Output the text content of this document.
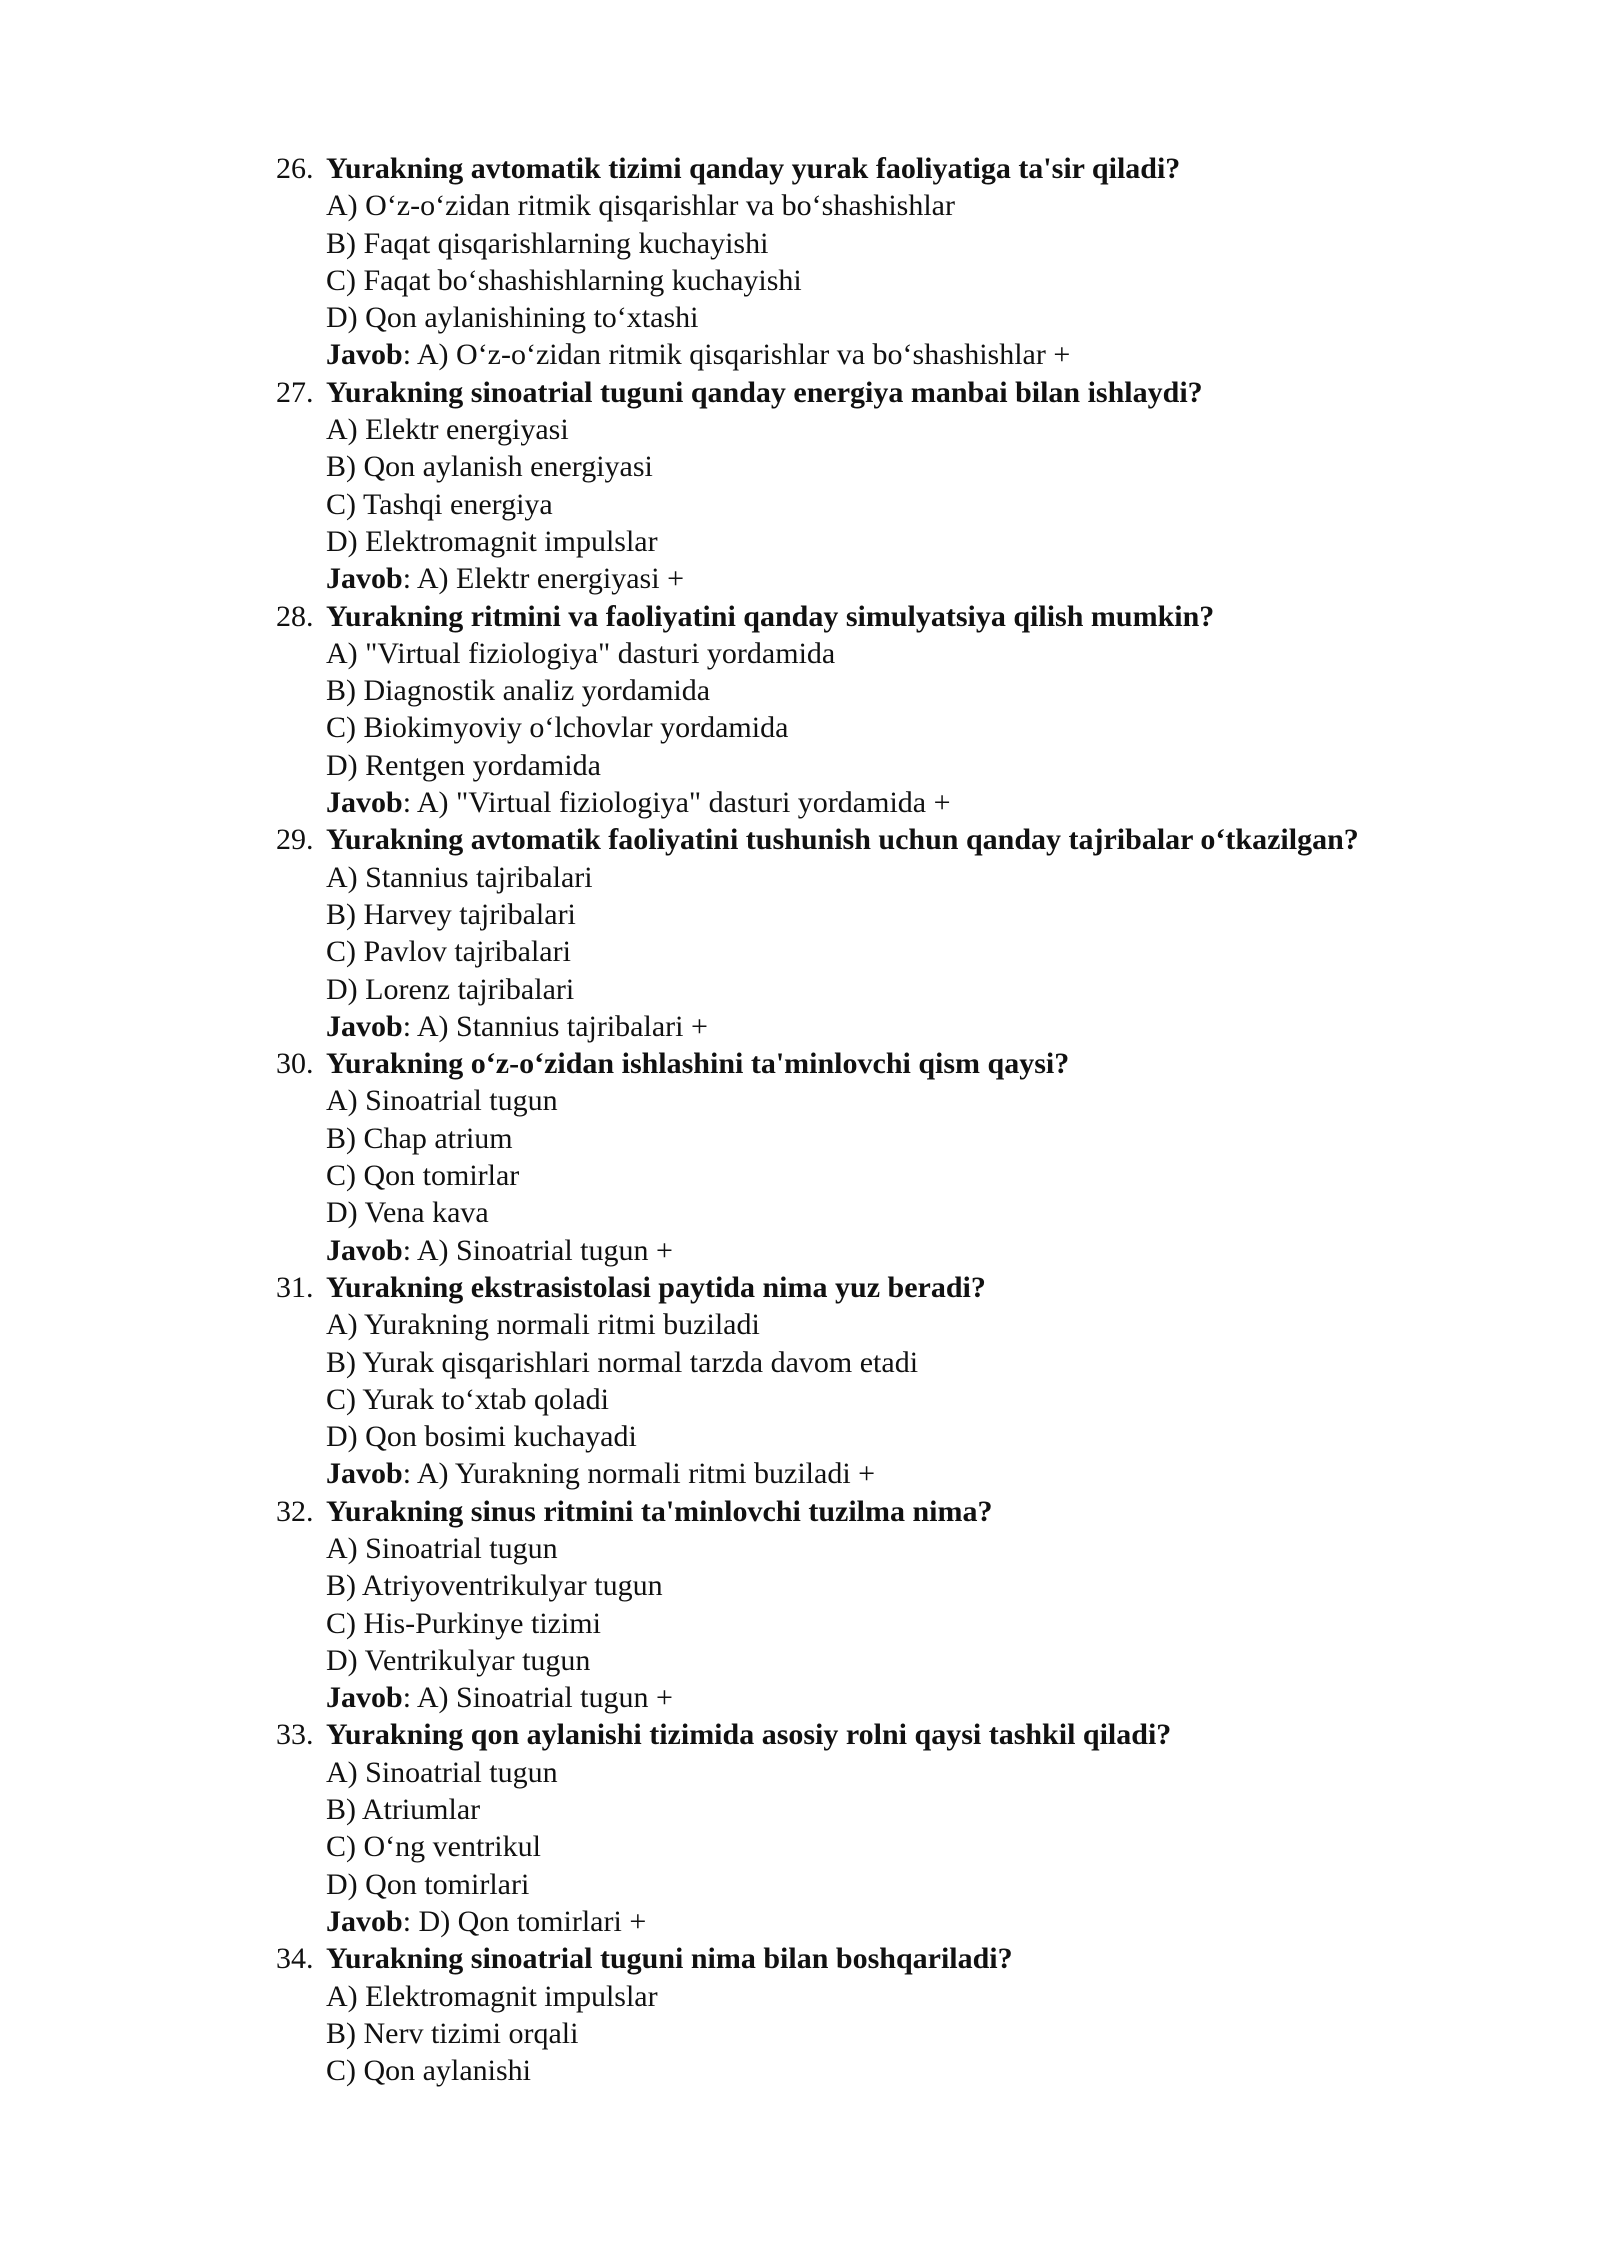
26. Yurakning avtomatik tizimi qanday yurak faoliyatiga ta'sir qiladi?
A) O‘z-o‘zidan ritmik qisqarishlar va bo‘shashishlar
B) Faqat qisqarishlarning kuchayishi
C) Faqat bo‘shashishlarning kuchayishi
D) Qon aylanishining to‘xtashi
Javob: A) O‘z-o‘zidan ritmik qisqarishlar va bo‘shashishlar +
27. Yurakning sinoatrial tuguni qanday energiya manbai bilan ishlaydi?
A) Elektr energiyasi
B) Qon aylanish energiyasi
C) Tashqi energiya
D) Elektromagnit impulslar
Javob: A) Elektr energiyasi +
28. Yurakning ritmini va faoliyatini qanday simulyatsiya qilish mumkin?
A) "Virtual fiziologiya" dasturi yordamida
B) Diagnostik analiz yordamida
C) Biokimyoviy o‘lchovlar yordamida
D) Rentgen yordamida
Javob: A) "Virtual fiziologiya" dasturi yordamida +
29. Yurakning avtomatik faoliyatini tushunish uchun qanday tajribalar o‘tkazilgan?
A) Stannius tajribalari
B) Harvey tajribalari
C) Pavlov tajribalari
D) Lorenz tajribalari
Javob: A) Stannius tajribalari +
30. Yurakning o‘z-o‘zidan ishlashini ta'minlovchi qism qaysi?
A) Sinoatrial tugun
B) Chap atrium
C) Qon tomirlar
D) Vena kava
Javob: A) Sinoatrial tugun +
31. Yurakning ekstrasistolasi paytida nima yuz beradi?
A) Yurakning normali ritmi buziladi
B) Yurak qisqarishlari normal tarzda davom etadi
C) Yurak to‘xtab qoladi
D) Qon bosimi kuchayadi
Javob: A) Yurakning normali ritmi buziladi +
32. Yurakning sinus ritmini ta'minlovchi tuzilma nima?
A) Sinoatrial tugun
B) Atriyoventrikulyar tugun
C) His-Purkinye tizimi
D) Ventrikulyar tugun
Javob: A) Sinoatrial tugun +
33. Yurakning qon aylanishi tizimida asosiy rolni qaysi tashkil qiladi?
A) Sinoatrial tugun
B) Atriumlar
C) O‘ng ventrikul
D) Qon tomirlari
Javob: D) Qon tomirlari +
34. Yurakning sinoatrial tuguni nima bilan boshqariladi?
A) Elektromagnit impulslar
B) Nerv tizimi orqali
C) Qon aylanishi
